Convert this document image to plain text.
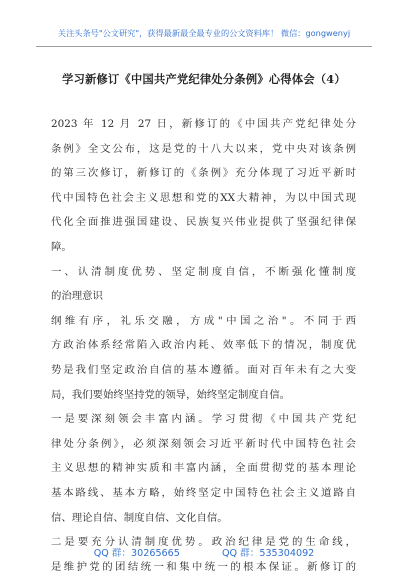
关注头条号"公文研究"，获得最新最全最专业的公文资料库！ 微信：gongwenyj
学习新修订《中国共产党纪律处分条例》心得体会（4）
2023 年 12 月 27 日，新修订的《中国共产党纪律处分
条例》全文公布，这是党的十八大以来，党中央对该条例
的第三次修订，新修订的《条例》充分体现了习近平新时
代中国特色社会主义思想和党的XX大精神，为以中国式现
代化全面推进强国建设、民族复兴伟业提供了坚强纪律保
障。
一、认清制度优势、坚定制度自信，不断强化懂制度
的治理意识
纲维有序，礼乐交融，方成"中国之治"。不同于西
方政治体系经常陷入政治内耗、效率低下的情况，制度优
势是我们坚定政治自信的基本遵循。面对百年未有之大变
局，我们要始终坚持党的领导，始终坚定制度自信。
一是要深刻领会丰富内涵。学习贯彻《中国共产党纪
律处分条例》，必须深刻领会习近平新时代中国特色社会
主义思想的精神实质和丰富内涵，全面贯彻党的基本理论
基本路线、基本方略，始终坚定中国特色社会主义道路自
信、理论自信、制度自信、文化自信。
二是要充分认清制度优势。政治纪律是党的生命线，
是维护党的团结统一和集中统一的根本保证。新修订的
QQ 群：30265665	QQ 群：535304092
